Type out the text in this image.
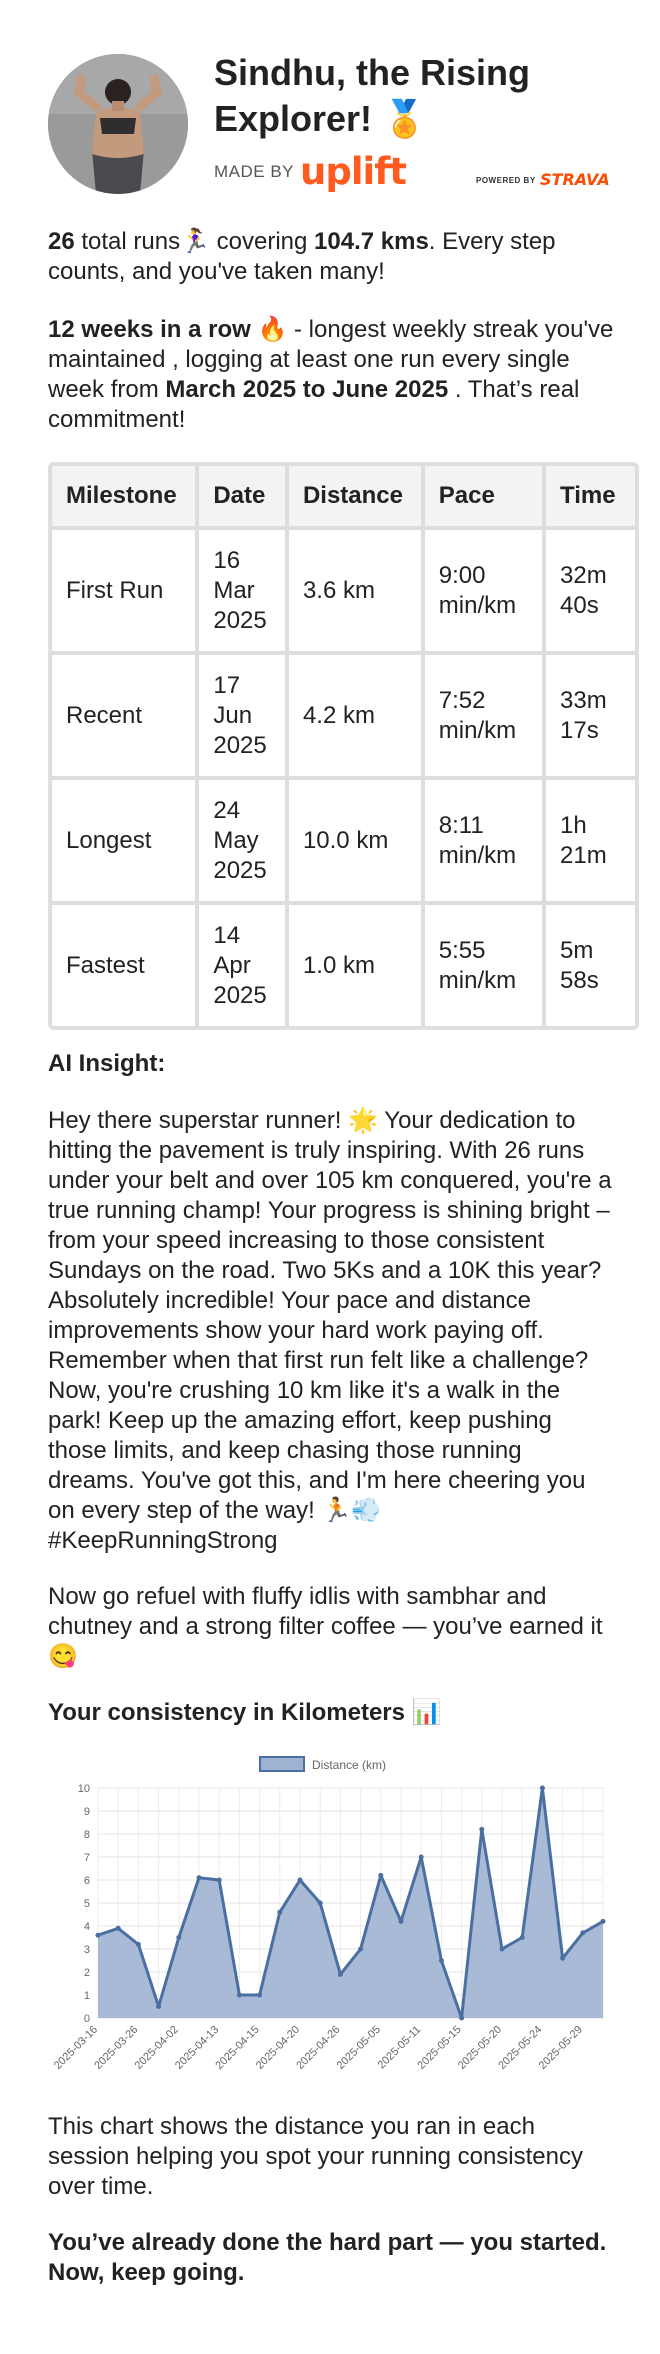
Sindhu, the Rising Explorer! 🏅
MADE BY uplift	POWERED BY STRAVA

26 total runs🏃‍♀️ covering 104.7 kms. Every step counts, and you've taken many!

12 weeks in a row 🔥 - longest weekly streak you've maintained , logging at least one run every single week from March 2025 to June 2025 . That’s real commitment!

Milestone	Date	Distance	Pace	Time
First Run	16 Mar 2025	3.6 km	9:00 min/km	32m 40s
Recent	17 Jun 2025	4.2 km	7:52 min/km	33m 17s
Longest	24 May 2025	10.0 km	8:11 min/km	1h 21m
Fastest	14 Apr 2025	1.0 km	5:55 min/km	5m 58s
AI Insight:

Hey there superstar runner! 🌟 Your dedication to hitting the pavement is truly inspiring. With 26 runs under your belt and over 105 km conquered, you're a true running champ! Your progress is shining bright – from your speed increasing to those consistent Sundays on the road. Two 5Ks and a 10K this year? Absolutely incredible! Your pace and distance improvements show your hard work paying off. Remember when that first run felt like a challenge? Now, you're crushing 10 km like it's a walk in the park! Keep up the amazing effort, keep pushing those limits, and keep chasing those running dreams. You've got this, and I'm here cheering you on every step of the way! 🏃💨 #KeepRunningStrong

Now go refuel with fluffy idlis with sambhar and chutney and a strong filter coffee — you’ve earned it 😋

Your consistency in Kilometers 📊
Distance (km)
0
1
2
3
4
5
6
7
8
9
10
2025-03-16
2025-03-26
2025-04-02
2025-04-13
2025-04-15
2025-04-20
2025-04-26
2025-05-05
2025-05-11
2025-05-15
2025-05-20
2025-05-24
2025-05-29

This chart shows the distance you ran in each session helping you spot your running consistency over time.

You’ve already done the hard part — you started. Now, keep going.
